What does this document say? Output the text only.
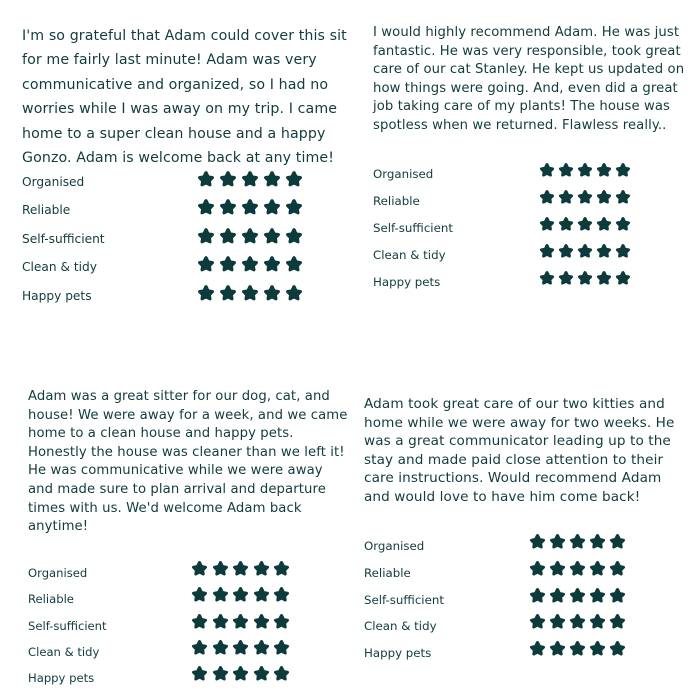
I'm so grateful that Adam could cover this sit
for me fairly last minute! Adam was very
communicative and organized, so I had no
worries while I was away on my trip. I came
home to a super clean house and a happy
Gonzo. Adam is welcome back at any time!

Organised
Reliable
Self-sufficient
Clean & tidy
Happy pets

I would highly recommend Adam. He was just
fantastic. He was very responsible, took great
care of our cat Stanley. He kept us updated on
how things were going. And, even did a great
job taking care of my plants! The house was
spotless when we returned. Flawless really..

Organised
Reliable
Self-sufficient
Clean & tidy
Happy pets

Adam was a great sitter for our dog, cat, and
house! We were away for a week, and we came
home to a clean house and happy pets.
Honestly the house was cleaner than we left it!
He was communicative while we were away
and made sure to plan arrival and departure
times with us. We'd welcome Adam back
anytime!

Organised
Reliable
Self-sufficient
Clean & tidy
Happy pets

Adam took great care of our two kitties and
home while we were away for two weeks. He
was a great communicator leading up to the
stay and made paid close attention to their
care instructions. Would recommend Adam
and would love to have him come back!

Organised
Reliable
Self-sufficient
Clean & tidy
Happy pets
